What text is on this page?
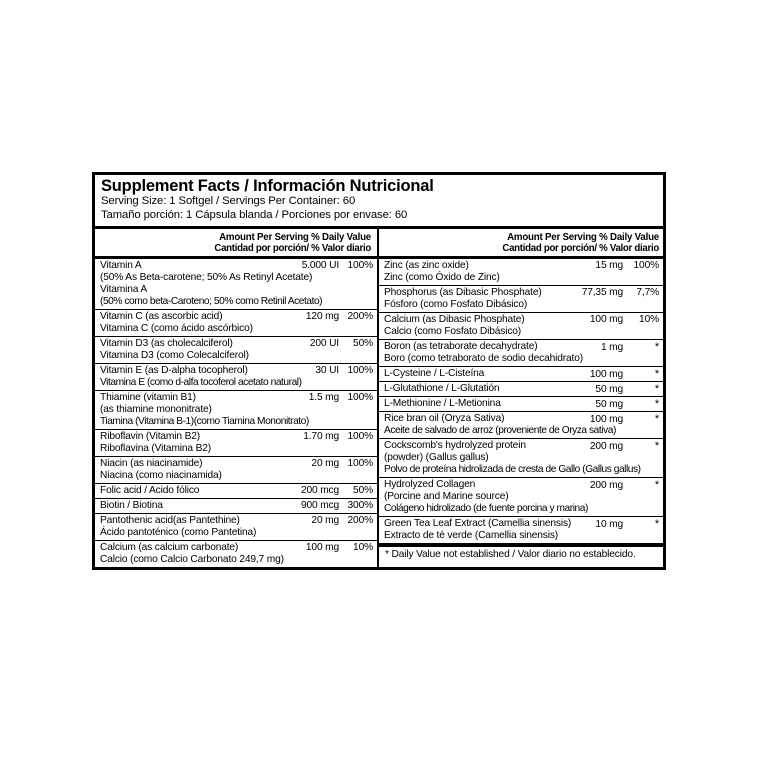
Supplement Facts / Información Nutricional
Serving Size: 1 Softgel / Servings Per Container: 60
Tamaño porción: 1 Cápsula blanda / Porciones por envase: 60
Amount Per Serving % Daily Value
Cantidad por porción/ % Valor diario
Amount Per Serving % Daily Value
Cantidad por porción/ % Valor diario
Vitamin A
(50% As Beta-carotene; 50% As Retinyl Acetate)
Vitamina A
(50% como beta-Caroteno; 50% como Retinil Acetato)
5.000 UI 100%
Vitamin C (as ascorbic acid)
Vitamina C (como ácido ascórbico)
120 mg 200%
Vitamin D3 (as cholecalciferol)
Vitamina D3 (como Colecalciferol)
200 UI 50%
Vitamin E (as D-alpha tocopherol)
Vitamina E (como d-alfa tocoferol acetato natural)
30 UI 100%
Thiamine (vitamin B1)
(as thiamine mononitrate)
Tiamina (Vitamina B-1)(como Tiamina Mononitrato)
1.5 mg 100%
Riboflavin (Vitamin B2)
Riboflavina (Vitamina B2)
1.70 mg 100%
Niacin (as niacinamide)
Niacina (como niacinamida)
20 mg 100%
Folic acid / Acido fólico	200 mcg 50%
Biotin / Biotina	900 mcg 300%
Pantothenic acid(as Pantethine)
Ácido pantoténico (como Pantetina)
20 mg 200%
Calcium (as calcium carbonate)
Calcio (como Calcio Carbonato 249,7 mg)
100 mg 10%
Zinc (as zinc oxide)
Zinc (como Óxido de Zinc)
15 mg 100%
Phosphorus (as Dibasic Phosphate)
Fósforo (como Fosfato Dibásico)
77,35 mg 7,7%
Calcium (as Dibasic Phosphate)
Calcio (como Fosfato Dibásico)
100 mg 10%
Boron (as tetraborate decahydrate)
Boro (como tetraborato de sodio decahidrato)
1 mg	*
L-Cysteine / L-Cisteína	100 mg	*
L-Glutathione / L-Glutatión	50 mg	*
L-Methionine / L-Metionina	50 mg	*
Rice bran oil (Oryza Sativa)
Aceite de salvado de arroz (proveniente de Oryza sativa)
100 mg	*
Cockscomb's hydrolyzed protein
(powder) (Gallus gallus)
Polvo de proteína hidrolizada de cresta de Gallo (Gallus gallus)
200 mg	*
Hydrolyzed Collagen
(Porcine and Marine source)
Colágeno hidrolizado (de fuente porcina y marina)
200 mg	*
Green Tea Leaf Extract (Camellia sinensis)
Extracto de té verde (Camellia sinensis)
10 mg	*
* Daily Value not established / Valor diario no establecido.
